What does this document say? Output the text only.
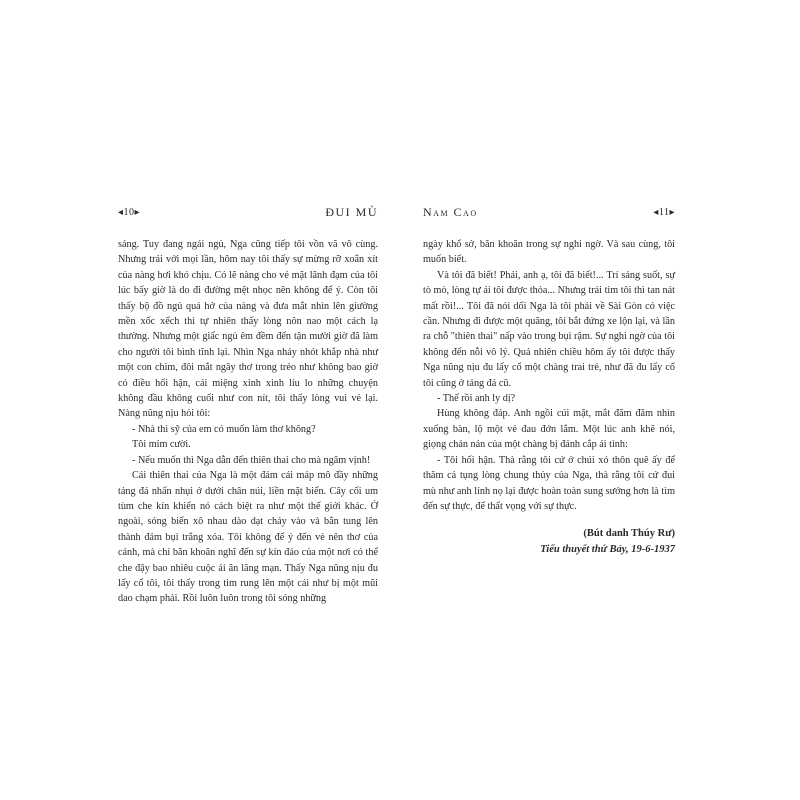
◂10▸	ĐUI MÙ

sáng. Tuy đang ngái ngủ, Nga cũng tiếp tôi vồn vã vô cùng. Nhưng trái với mọi lần, hôm nay tôi thấy sự mừng rỡ xoắn xít của nàng hơi khó chịu. Có lẽ nàng cho vẻ mặt lãnh đạm của tôi lúc bấy giờ là do đi đường mệt nhọc nên không để ý. Còn tôi thấy bộ đồ ngủ quá hở của nàng và đưa mắt nhìn lên giường mền xốc xếch thì tự nhiên thấy lòng nôn nao một cách lạ thường. Nhưng một giấc ngủ êm đềm đến tận mười giờ đã làm cho người tôi bình tĩnh lại. Nhìn Nga nhảy nhót khắp nhà như một con chim, đôi mắt ngây thơ trong trẻo như không bao giờ có điều hối hận, cái miệng xinh xinh líu lo những chuyện không đầu không cuối như con nít, tôi thấy lòng vui vẻ lại. Nàng nũng nịu hỏi tôi:

- Nhà thi sỹ của em có muốn làm thơ không?

Tôi mỉm cười.

- Nếu muốn thì Nga dẫn đến thiên thai cho mà ngâm vịnh!

Cái thiên thai của Nga là một đám cái máp mô đầy những tảng đá nhấn nhụi ở dưới chân núi, liền mặt biển. Cây cối um tùm che kín khiến nó cách biệt ra như một thế giới khác. Ở ngoài, sóng biển xô nhau dào dạt chảy vào và bắn tung lên thành đám bụi trắng xóa. Tôi không để ý đến vẻ nên thơ của cảnh, mà chỉ băn khoăn nghĩ đến sự kín đáo của một nơi có thể che đậy bao nhiêu cuộc ái ân lãng mạn. Thấy Nga nũng nịu đu lấy cổ tôi, tôi thấy trong tim rung lên một cái như bị một mũi dao chạm phải. Rồi luôn luôn trong tôi sóng những

Nam Cao	◂11▸

ngày khổ sở, băn khoăn trong sự nghi ngờ. Và sau cùng, tôi muốn biết.

Và tôi đã biết! Phải, anh ạ, tôi đã biết!... Trí sáng suốt, sự tò mò, lòng tự ái tôi được thỏa... Nhưng trái tim tôi thì tan nát mất rồi!... Tôi đã nói dối Nga là tôi phải về Sài Gòn có việc cần. Nhưng đi được một quãng, tôi bắt đứng xe lộn lại, và lần ra chỗ "thiên thai" nấp vào trong bụi rậm. Sự nghi ngờ của tôi không đến nỗi vô lý. Quả nhiên chiều hôm ấy tôi được thấy Nga nũng nịu đu lấy cổ một chàng trai trẻ, như đã đu lấy cổ tôi cũng ở tảng đá cũ.

- Thế rồi anh ly dị?

Hùng không đáp. Anh ngồi cúi mặt, mắt đăm đăm nhìn xuống bàn, lộ một vẻ đau đớn lắm. Một lúc anh khẽ nói, giọng chán nản của một chàng bị đánh cắp ái tình:

- Tôi hối hận. Thà rằng tôi cứ ở chúi xó thôn quê ấy để thăm cả tụng lòng chung thủy của Nga, thà rằng tôi cứ đui mù như anh lính nọ lại được hoàn toàn sung sướng hơn là tìm đến sự thực, để thất vọng với sự thực.

(Bút danh Thúy Rư)
Tiểu thuyết thứ Bảy, 19-6-1937
